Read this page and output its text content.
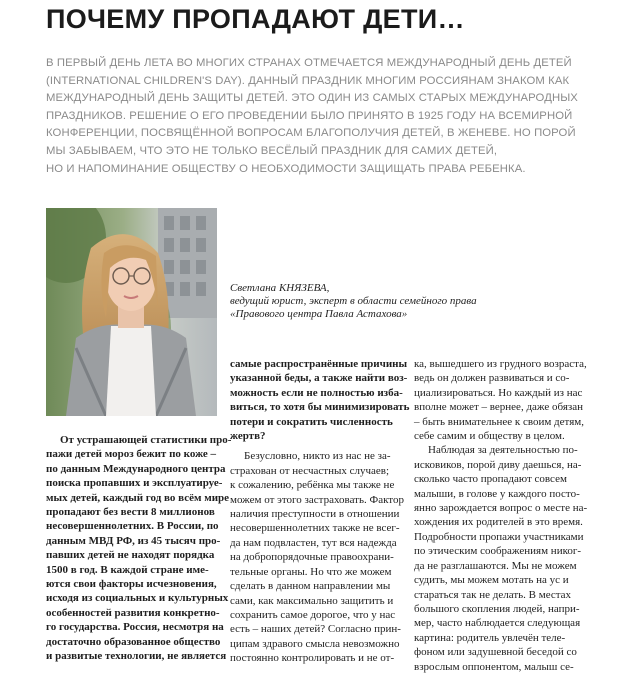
ПОЧЕМУ ПРОПАДАЮТ ДЕТИ…
В ПЕРВЫЙ ДЕНЬ ЛЕТА ВО МНОГИХ СТРАНАХ ОТМЕЧАЕТСЯ МЕЖДУНАРОДНЫЙ ДЕНЬ ДЕТЕЙ
(INTERNATIONAL CHILDREN'S DAY). ДАННЫЙ ПРАЗДНИК МНОГИМ РОССИЯНАМ ЗНАКОМ КАК
МЕЖДУНАРОДНЫЙ ДЕНЬ ЗАЩИТЫ ДЕТЕЙ. ЭТО ОДИН ИЗ САМЫХ СТАРЫХ МЕЖДУНАРОДНЫХ
ПРАЗДНИКОВ. РЕШЕНИЕ О ЕГО ПРОВЕДЕНИИ БЫЛО ПРИНЯТО В 1925 ГОДУ НА ВСЕМИРНОЙ
КОНФЕРЕНЦИИ, ПОСВЯЩЁННОЙ ВОПРОСАМ БЛАГОПОЛУЧИЯ ДЕТЕЙ, В ЖЕНЕВЕ. НО ПОРОЙ
МЫ ЗАБЫВАЕМ, ЧТО ЭТО НЕ ТОЛЬКО ВЕСЁЛЫЙ ПРАЗДНИК ДЛЯ САМИХ ДЕТЕЙ,
НО И НАПОМИНАНИЕ ОБЩЕСТВУ О НЕОБХОДИМОСТИ ЗАЩИЩАТЬ ПРАВА РЕБЕНКА.
Светлана КНЯЗЕВА,
ведущий юрист, эксперт в области семейного права
«Правового центра Павла Астахова»
От устрашающей статистики про-
пажи детей мороз бежит по коже –
по данным Международного центра
поиска пропавших и эксплуатируе-
мых детей, каждый год во всём мире
пропадают без вести 8 миллионов
несовершеннолетних. В России, по
данным МВД РФ, из 45 тысяч про-
павших детей не находят порядка
1500 в год. В каждой стране име-
ются свои факторы исчезновения,
исходя из социальных и культурных
особенностей развития конкретно-
го государства. Россия, несмотря на
достаточно образованное общество
и развитые технологии, не является
самые распространённые причины
указанной беды, а также найти воз-
можность если не полностью изба-
виться, то хотя бы минимизировать
потери и сократить численность
жертв?
Безусловно, никто из нас не за-
страхован от несчастных случаев;
к сожалению, ребёнка мы также не
можем от этого застраховать. Фактор
наличия преступности в отношении
несовершеннолетних также не всег-
да нам подвластен, тут вся надежда
на добропорядочные правоохрани-
тельные органы. Но что же можем
сделать в данном направлении мы
сами, как максимально защитить и
сохранить самое дорогое, что у нас
есть – наших детей? Согласно прин-
ципам здравого смысла невозможно
постоянно контролировать и не от-
ка, вышедшего из грудного возраста,
ведь он должен развиваться и со-
циализироваться. Но каждый из нас
вполне может – вернее, даже обязан
– быть внимательнее к своим детям,
себе самим и обществу в целом.
Наблюдая за деятельностью по-
исковиков, порой диву даешься, на-
сколько часто пропадают совсем
малыши, в голове у каждого посто-
янно зарождается вопрос о месте на-
хождения их родителей в это время.
Подробности пропажи участниками
по этическим соображениям никог-
да не разглашаются. Мы не можем
судить, мы можем мотать на ус и
стараться так не делать. В местах
большого скопления людей, напри-
мер, часто наблюдается следующая
картина: родитель увлечён теле-
фоном или задушевной беседой со
взрослым оппонентом, малыш се-
